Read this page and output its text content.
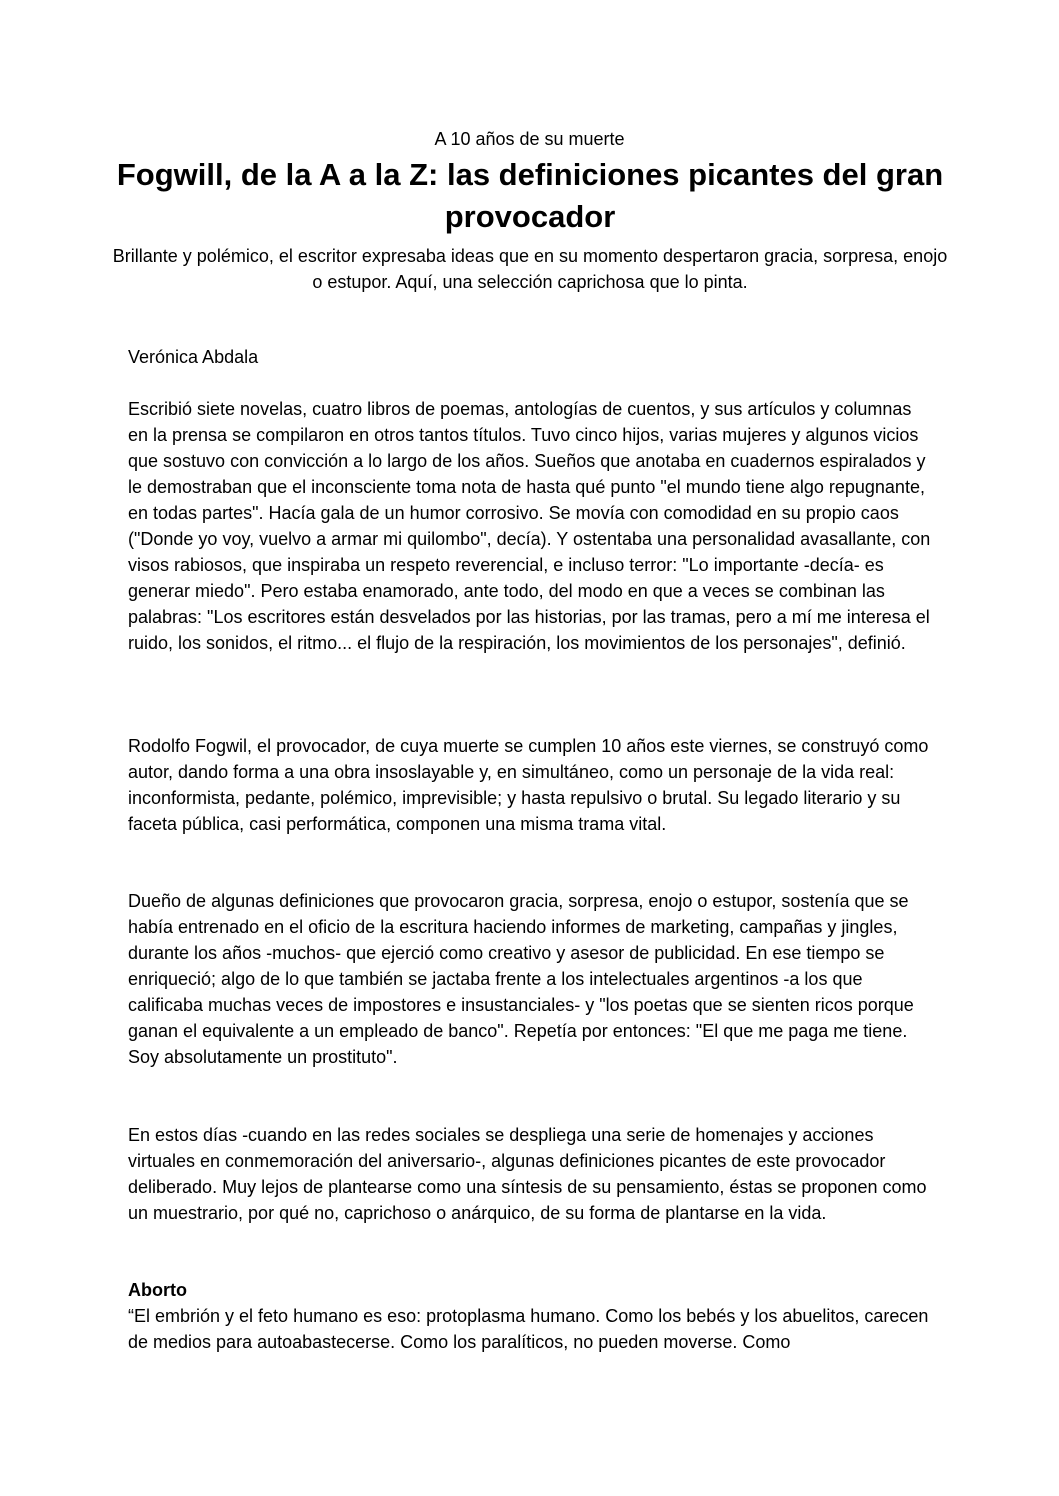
A 10 años de su muerte
Fogwill, de la A a la Z: las definiciones picantes del gran provocador

Brillante y polémico, el escritor expresaba ideas que en su momento despertaron gracia, sorpresa, enojo o estupor. Aquí, una selección caprichosa que lo pinta.

Verónica Abdala

Escribió siete novelas, cuatro libros de poemas, antologías de cuentos, y sus artículos y columnas en la prensa se compilaron en otros tantos títulos. Tuvo cinco hijos, varias mujeres y algunos vicios que sostuvo con convicción a lo largo de los años. Sueños que anotaba en cuadernos espiralados y le demostraban que el inconsciente toma nota de hasta qué punto "el mundo tiene algo repugnante, en todas partes". Hacía gala de un humor corrosivo. Se movía con comodidad en su propio caos ("Donde yo voy, vuelvo a armar mi quilombo", decía). Y ostentaba una personalidad avasallante, con visos rabiosos, que inspiraba un respeto reverencial, e incluso terror: "Lo importante -decía- es generar miedo". Pero estaba enamorado, ante todo, del modo en que a veces se combinan las palabras: "Los escritores están desvelados por las historias, por las tramas, pero a mí me interesa el ruido, los sonidos, el ritmo... el flujo de la respiración, los movimientos de los personajes", definió.

Rodolfo Fogwil, el provocador, de cuya muerte se cumplen 10 años este viernes, se construyó como autor, dando forma a una obra insoslayable y, en simultáneo, como un personaje de la vida real: inconformista, pedante, polémico, imprevisible; y hasta repulsivo o brutal. Su legado literario y su faceta pública, casi performática, componen una misma trama vital.

Dueño de algunas definiciones que provocaron gracia, sorpresa, enojo o estupor, sostenía que se había entrenado en el oficio de la escritura haciendo informes de marketing, campañas y jingles, durante los años -muchos- que ejerció como creativo y asesor de publicidad. En ese tiempo se enriqueció; algo de lo que también se jactaba frente a los intelectuales argentinos -a los que calificaba muchas veces de impostores e insustanciales- y "los poetas que se sienten ricos porque ganan el equivalente a un empleado de banco". Repetía por entonces: "El que me paga me tiene. Soy absolutamente un prostituto".

En estos días -cuando en las redes sociales se despliega una serie de homenajes y acciones virtuales en conmemoración del aniversario-, algunas definiciones picantes de este provocador deliberado. Muy lejos de plantearse como una síntesis de su pensamiento, éstas se proponen como un muestrario, por qué no, caprichoso o anárquico, de su forma de plantarse en la vida.

Aborto

“El embrión y el feto humano es eso: protoplasma humano. Como los bebés y los abuelitos, carecen de medios para autoabastecerse. Como los paralíticos, no pueden moverse. Como
